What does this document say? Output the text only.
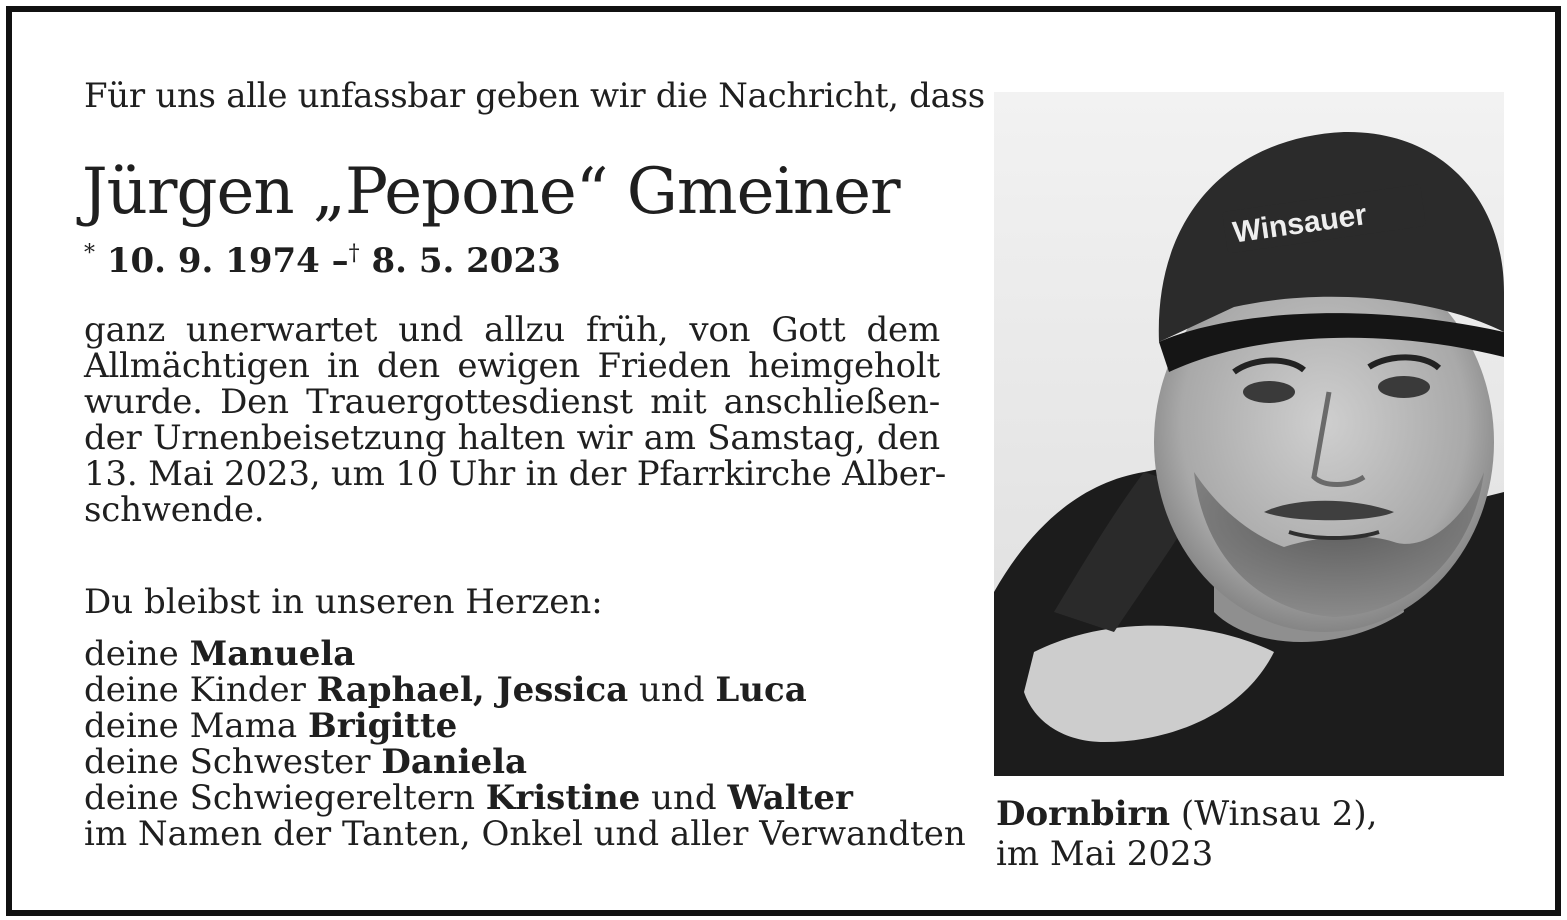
Für uns alle unfassbar geben wir die Nachricht, dass
Jürgen „Pepone“ Gmeiner
* 10. 9. 1974 –† 8. 5. 2023
ganz unerwartet und allzu früh, von Gott dem
Allmächtigen in den ewigen Frieden heimgeholt
wurde. Den Trauergottesdienst mit anschließen-
der Urnenbeisetzung halten wir am Samstag, den
13. Mai 2023, um 10 Uhr in der Pfarrkirche Alber-
schwende.
Du bleibst in unseren Herzen:
deine Manuela
deine Kinder Raphael, Jessica und Luca
deine Mama Brigitte
deine Schwester Daniela
deine Schwiegereltern Kristine und Walter
im Namen der Tanten, Onkel und aller Verwandten
Winsauer
Dornbirn (Winsau 2),
im Mai 2023
